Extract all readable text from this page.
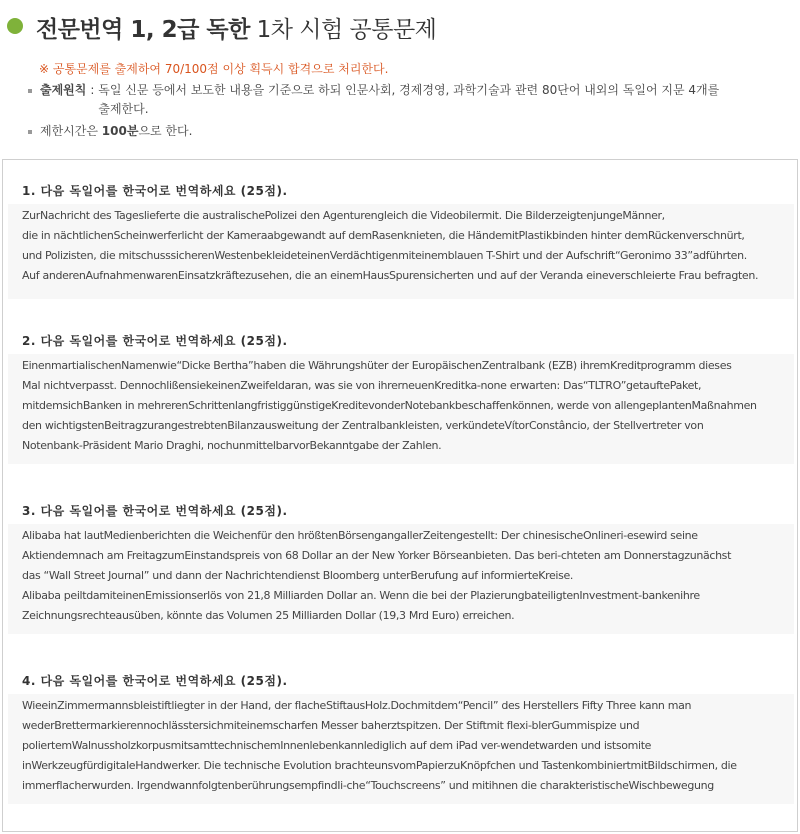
전문번역 1, 2급 독한 1차 시험 공통문제
※ 공통문제를 출제하여 70/100점 이상 획득시 합격으로 처리한다.
출제원칙 : 독일 신문 등에서 보도한 내용을 기준으로 하되 인문사회, 경제경영, 과학기술과 관련 80단어 내외의 독일어 지문 4개를
출제한다.
제한시간은 100분으로 한다.
1. 다음 독일어를 한국어로 번역하세요 (25점).
ZurNachricht des Tageslieferte die australischePolizei den Agenturengleich die Videobilermit. Die BilderzeigtenjungeMänner,
die in nächtlichenScheinwerferlicht der Kameraabgewandt auf demRasenknieten, die HändemitPlastikbinden hinter demRückenverschnürt,
und Polizisten, die mitschusssicherenWestenbekleideteinenVerdächtigenmiteinemblauen T-Shirt und der Aufschrift“Geronimo 33”adführten.
Auf anderenAufnahmenwarenEinsatzkräftezusehen, die an einemHausSpurensicherten und auf der Veranda eineverschleierte Frau befragten.
2. 다음 독일어를 한국어로 번역하세요 (25점).
EinenmartialischenNamenwie“Dicke Bertha”haben die Währungshüter der EuropäischenZentralbank (EZB) ihremKreditprogramm dieses
Mal nichtverpasst. DennochlißensiekeinenZweifeldaran, was sie von ihrerneuenKreditka-none erwarten: Das“TLTRO”getauftePaket,
mitdemsichBanken in mehrerenSchrittenlangfristiggünstigeKreditevonderNotebankbeschaffenkönnen, werde von allengeplantenMaßnahmen
den wichtigstenBeitragzurangestrebtenBilanzausweitung der Zentralbankleisten, verkündeteVítorConstâncio, der Stellvertreter von
Notenbank-Präsident Mario Draghi, nochunmittelbarvorBekanntgabe der Zahlen.
3. 다음 독일어를 한국어로 번역하세요 (25점).
Alibaba hat lautMedienberichten die Weichenfür den hrößtenBörsengangallerZeitengestellt: Der chinesischeOnlineri-esewird seine
Aktiendemnach am FreitagzumEinstandspreis von 68 Dollar an der New Yorker Börseanbieten. Das beri-chteten am Donnerstagzunächst
das “Wall Street Journal” und dann der Nachrichtendienst Bloomberg unterBerufung auf informierteKreise.
Alibaba peiltdamiteinenEmissionserlös von 21,8 Milliarden Dollar an. Wenn die bei der PlazierungbateiligtenInvestment-bankenihre
Zeichnungsrechteausüben, könnte das Volumen 25 Milliarden Dollar (19,3 Mrd Euro) erreichen.
4. 다음 독일어를 한국어로 번역하세요 (25점).
WieeinZimmermannsbleistiftliegter in der Hand, der flacheStiftausHolz.Dochmitdem“Pencil” des Herstellers Fifty Three kann man
wederBrettermarkierennochlässtersichmiteinemscharfen Messer baherztspitzen. Der Stiftmit flexi-blerGummispize und
poliertemWalnussholzkorpusmitsamttechnischemInnenlebenkannlediglich auf dem iPad ver-wendetwarden und istsomite
inWerkzeugfürdigitaleHandwerker. Die technische Evolution brachteunsvomPapierzuKnöpfchen und TastenkombiniertmitBildschirmen, die
immerflacherwurden. IrgendwannfolgtenberührungsempfindIi-che“Touchscreens” und mitihnen die charakteristischeWischbewegung
